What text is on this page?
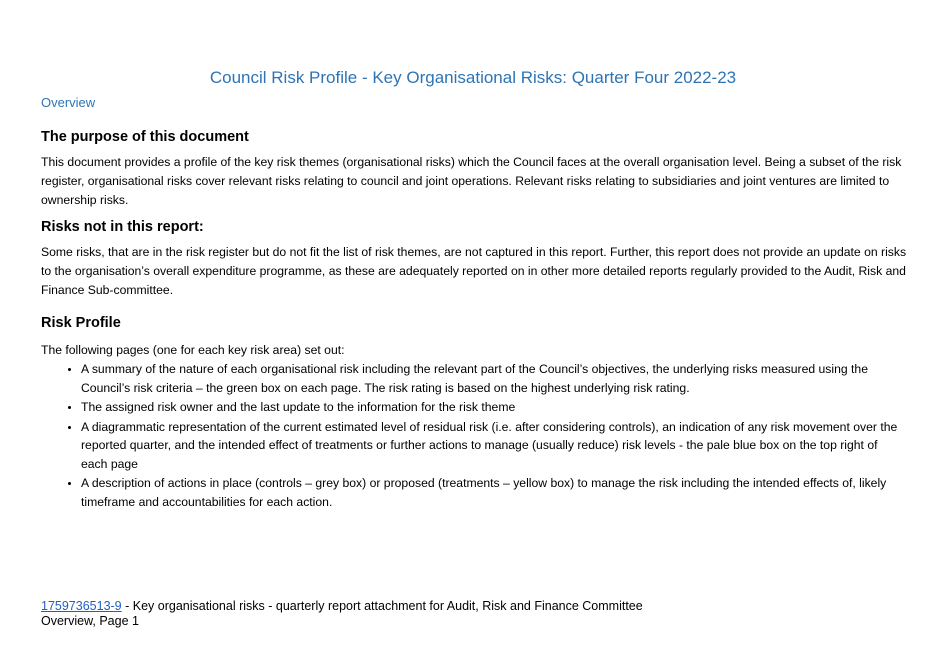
Council Risk Profile - Key Organisational Risks: Quarter Four 2022-23
Overview
The purpose of this document

This document provides a profile of the key risk themes (organisational risks) which the Council faces at the overall organisation level. Being a subset of the risk register, organisational risks cover relevant risks relating to council and joint operations. Relevant risks relating to subsidiaries and joint ventures are limited to ownership risks.

Risks not in this report:

Some risks, that are in the risk register but do not fit the list of risk themes, are not captured in this report. Further, this report does not provide an update on risks to the organisation’s overall expenditure programme, as these are adequately reported on in other more detailed reports regularly provided to the Audit, Risk and Finance Sub-committee.

Risk Profile

The following pages (one for each key risk area) set out:

• A summary of the nature of each organisational risk including the relevant part of the Council’s objectives, the underlying risks measured using the Council’s risk criteria – the green box on each page. The risk rating is based on the highest underlying risk rating.
• The assigned risk owner and the last update to the information for the risk theme
• A diagrammatic representation of the current estimated level of residual risk (i.e. after considering controls), an indication of any risk movement over the reported quarter, and the intended effect of treatments or further actions to manage (usually reduce) risk levels - the pale blue box on the top right of each page
• A description of actions in place (controls – grey box) or proposed (treatments – yellow box) to manage the risk including the intended effects of, likely timeframe and accountabilities for each action.
1759736513-9 - Key organisational risks - quarterly report attachment for Audit, Risk and Finance Committee
Overview, Page 1
